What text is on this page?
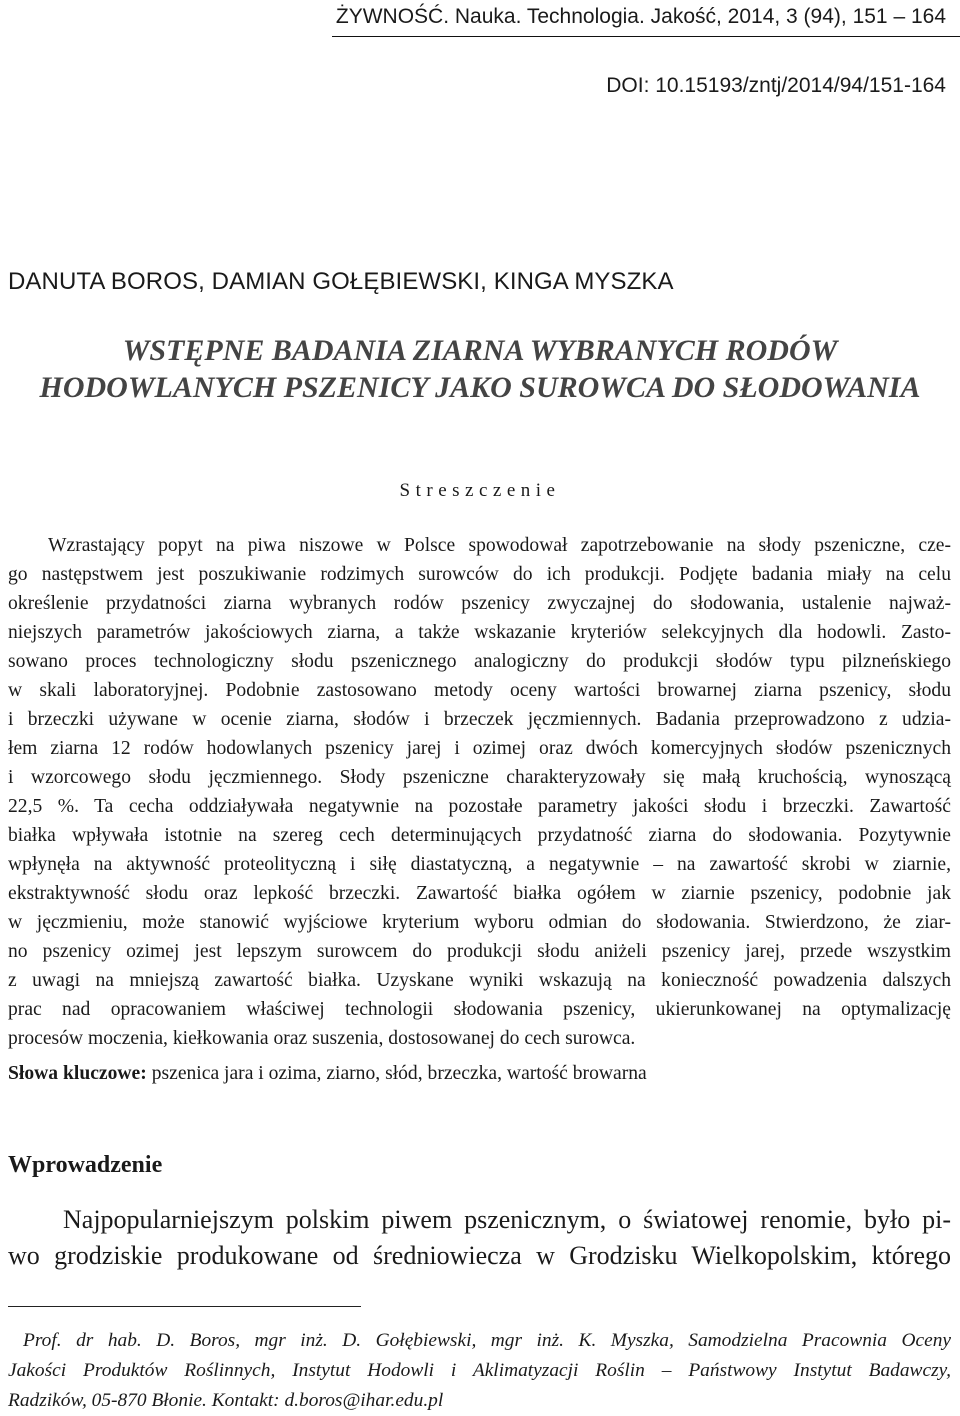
ŻYWNOŚĆ. Nauka. Technologia. Jakość, 2014, 3 (94), 151 – 164
DOI: 10.15193/zntj/2014/94/151-164
DANUTA BOROS, DAMIAN GOŁĘBIEWSKI, KINGA MYSZKA
WSTĘPNE BADANIA ZIARNA WYBRANYCH RODÓW
HODOWLANYCH PSZENICY JAKO SUROWCA DO SŁODOWANIA
Streszczenie
Wzrastający popyt na piwa niszowe w Polsce spowodował zapotrzebowanie na słody pszeniczne, cze-
go następstwem jest poszukiwanie rodzimych surowców do ich produkcji. Podjęte badania miały na celu
określenie przydatności ziarna wybranych rodów pszenicy zwyczajnej do słodowania, ustalenie najważ-
niejszych parametrów jakościowych ziarna, a także wskazanie kryteriów selekcyjnych dla hodowli. Zasto-
sowano proces technologiczny słodu pszenicznego analogiczny do produkcji słodów typu pilzneńskiego
w skali laboratoryjnej. Podobnie zastosowano metody oceny wartości browarnej ziarna pszenicy, słodu
i brzeczki używane w ocenie ziarna, słodów i brzeczek jęczmiennych. Badania przeprowadzono z udzia-
łem ziarna 12 rodów hodowlanych pszenicy jarej i ozimej oraz dwóch komercyjnych słodów pszenicznych
i wzorcowego słodu jęczmiennego. Słody pszeniczne charakteryzowały się małą kruchością, wynoszącą
22,5 %. Ta cecha oddziaływała negatywnie na pozostałe parametry jakości słodu i brzeczki. Zawartość
białka wpływała istotnie na szereg cech determinujących przydatność ziarna do słodowania. Pozytywnie
wpłynęła na aktywność proteolityczną i siłę diastatyczną, a negatywnie – na zawartość skrobi w ziarnie,
ekstraktywność słodu oraz lepkość brzeczki. Zawartość białka ogółem w ziarnie pszenicy, podobnie jak
w jęczmieniu, może stanowić wyjściowe kryterium wyboru odmian do słodowania. Stwierdzono, że ziar-
no pszenicy ozimej jest lepszym surowcem do produkcji słodu aniżeli pszenicy jarej, przede wszystkim
z uwagi na mniejszą zawartość białka. Uzyskane wyniki wskazują na konieczność powadzenia dalszych
prac nad opracowaniem właściwej technologii słodowania pszenicy, ukierunkowanej na optymalizację
procesów moczenia, kiełkowania oraz suszenia, dostosowanej do cech surowca.
Słowa kluczowe: pszenica jara i ozima, ziarno, słód, brzeczka, wartość browarna
Wprowadzenie
Najpopularniejszym polskim piwem pszenicznym, o światowej renomie, było pi-
wo grodziskie produkowane od średniowiecza w Grodzisku Wielkopolskim, którego
Prof. dr hab. D. Boros, mgr inż. D. Gołębiewski, mgr inż. K. Myszka, Samodzielna Pracownia Oceny
Jakości Produktów Roślinnych, Instytut Hodowli i Aklimatyzacji Roślin – Państwowy Instytut Badawczy,
Radzików, 05-870 Błonie. Kontakt: d.boros@ihar.edu.pl
